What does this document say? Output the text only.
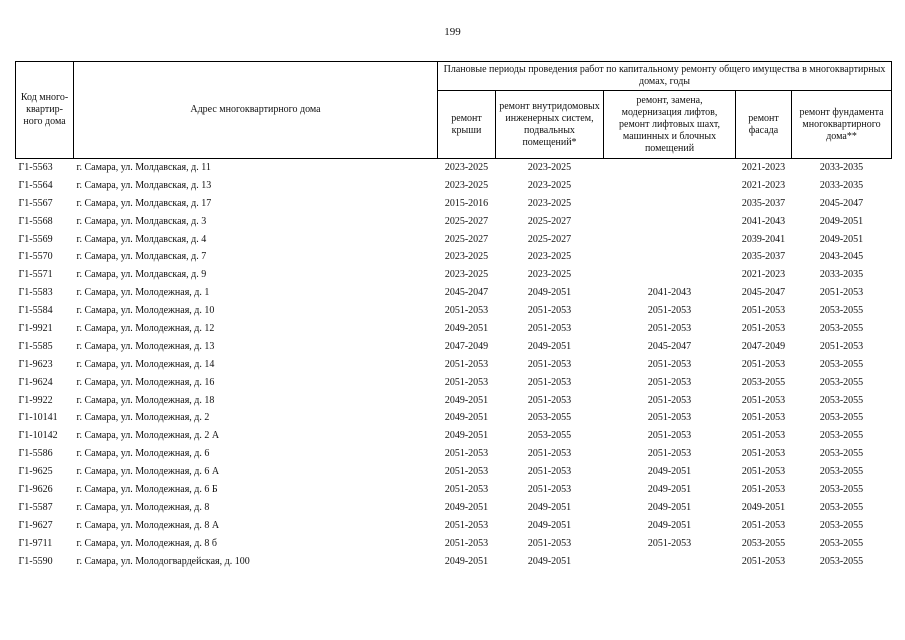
199
Код много-квартир-ного дома	Адрес многоквартирного дома	Плановые периоды проведения работ по капитальному ремонту общего имущества в многоквартирных домах, годы				
		ремонт крыши	ремонт внутридомовых инженерных систем, подвальных помещений*	ремонт, замена, модернизация лифтов, ремонт лифтовых шахт, машинных и блочных помещений	ремонт фасада	ремонт фундамента многоквартирного дома**
Г1-5563	г. Самара, ул. Молдавская, д. 11	2023-2025	2023-2025		2021-2023	2033-2035
Г1-5564	г. Самара, ул. Молдавская, д. 13	2023-2025	2023-2025		2021-2023	2033-2035
Г1-5567	г. Самара, ул. Молдавская, д. 17	2015-2016	2023-2025		2035-2037	2045-2047
Г1-5568	г. Самара, ул. Молдавская, д. 3	2025-2027	2025-2027		2041-2043	2049-2051
Г1-5569	г. Самара, ул. Молдавская, д. 4	2025-2027	2025-2027		2039-2041	2049-2051
Г1-5570	г. Самара, ул. Молдавская, д. 7	2023-2025	2023-2025		2035-2037	2043-2045
Г1-5571	г. Самара, ул. Молдавская, д. 9	2023-2025	2023-2025		2021-2023	2033-2035
Г1-5583	г. Самара, ул. Молодежная, д. 1	2045-2047	2049-2051	2041-2043	2045-2047	2051-2053
Г1-5584	г. Самара, ул. Молодежная, д. 10	2051-2053	2051-2053	2051-2053	2051-2053	2053-2055
Г1-9921	г. Самара, ул. Молодежная, д. 12	2049-2051	2051-2053	2051-2053	2051-2053	2053-2055
Г1-5585	г. Самара, ул. Молодежная, д. 13	2047-2049	2049-2051	2045-2047	2047-2049	2051-2053
Г1-9623	г. Самара, ул. Молодежная, д. 14	2051-2053	2051-2053	2051-2053	2051-2053	2053-2055
Г1-9624	г. Самара, ул. Молодежная, д. 16	2051-2053	2051-2053	2051-2053	2053-2055	2053-2055
Г1-9922	г. Самара, ул. Молодежная, д. 18	2049-2051	2051-2053	2051-2053	2051-2053	2053-2055
Г1-10141	г. Самара, ул. Молодежная, д. 2	2049-2051	2053-2055	2051-2053	2051-2053	2053-2055
Г1-10142	г. Самара, ул. Молодежная, д. 2 А	2049-2051	2053-2055	2051-2053	2051-2053	2053-2055
Г1-5586	г. Самара, ул. Молодежная, д. 6	2051-2053	2051-2053	2051-2053	2051-2053	2053-2055
Г1-9625	г. Самара, ул. Молодежная, д. 6 А	2051-2053	2051-2053	2049-2051	2051-2053	2053-2055
Г1-9626	г. Самара, ул. Молодежная, д. 6 Б	2051-2053	2051-2053	2049-2051	2051-2053	2053-2055
Г1-5587	г. Самара, ул. Молодежная, д. 8	2049-2051	2049-2051	2049-2051	2049-2051	2053-2055
Г1-9627	г. Самара, ул. Молодежная, д. 8 А	2051-2053	2049-2051	2049-2051	2051-2053	2053-2055
Г1-9711	г. Самара, ул. Молодежная, д. 8 б	2051-2053	2051-2053	2051-2053	2053-2055	2053-2055
Г1-5590	г. Самара, ул. Молодогвардейская, д. 100	2049-2051	2049-2051		2051-2053	2053-2055
